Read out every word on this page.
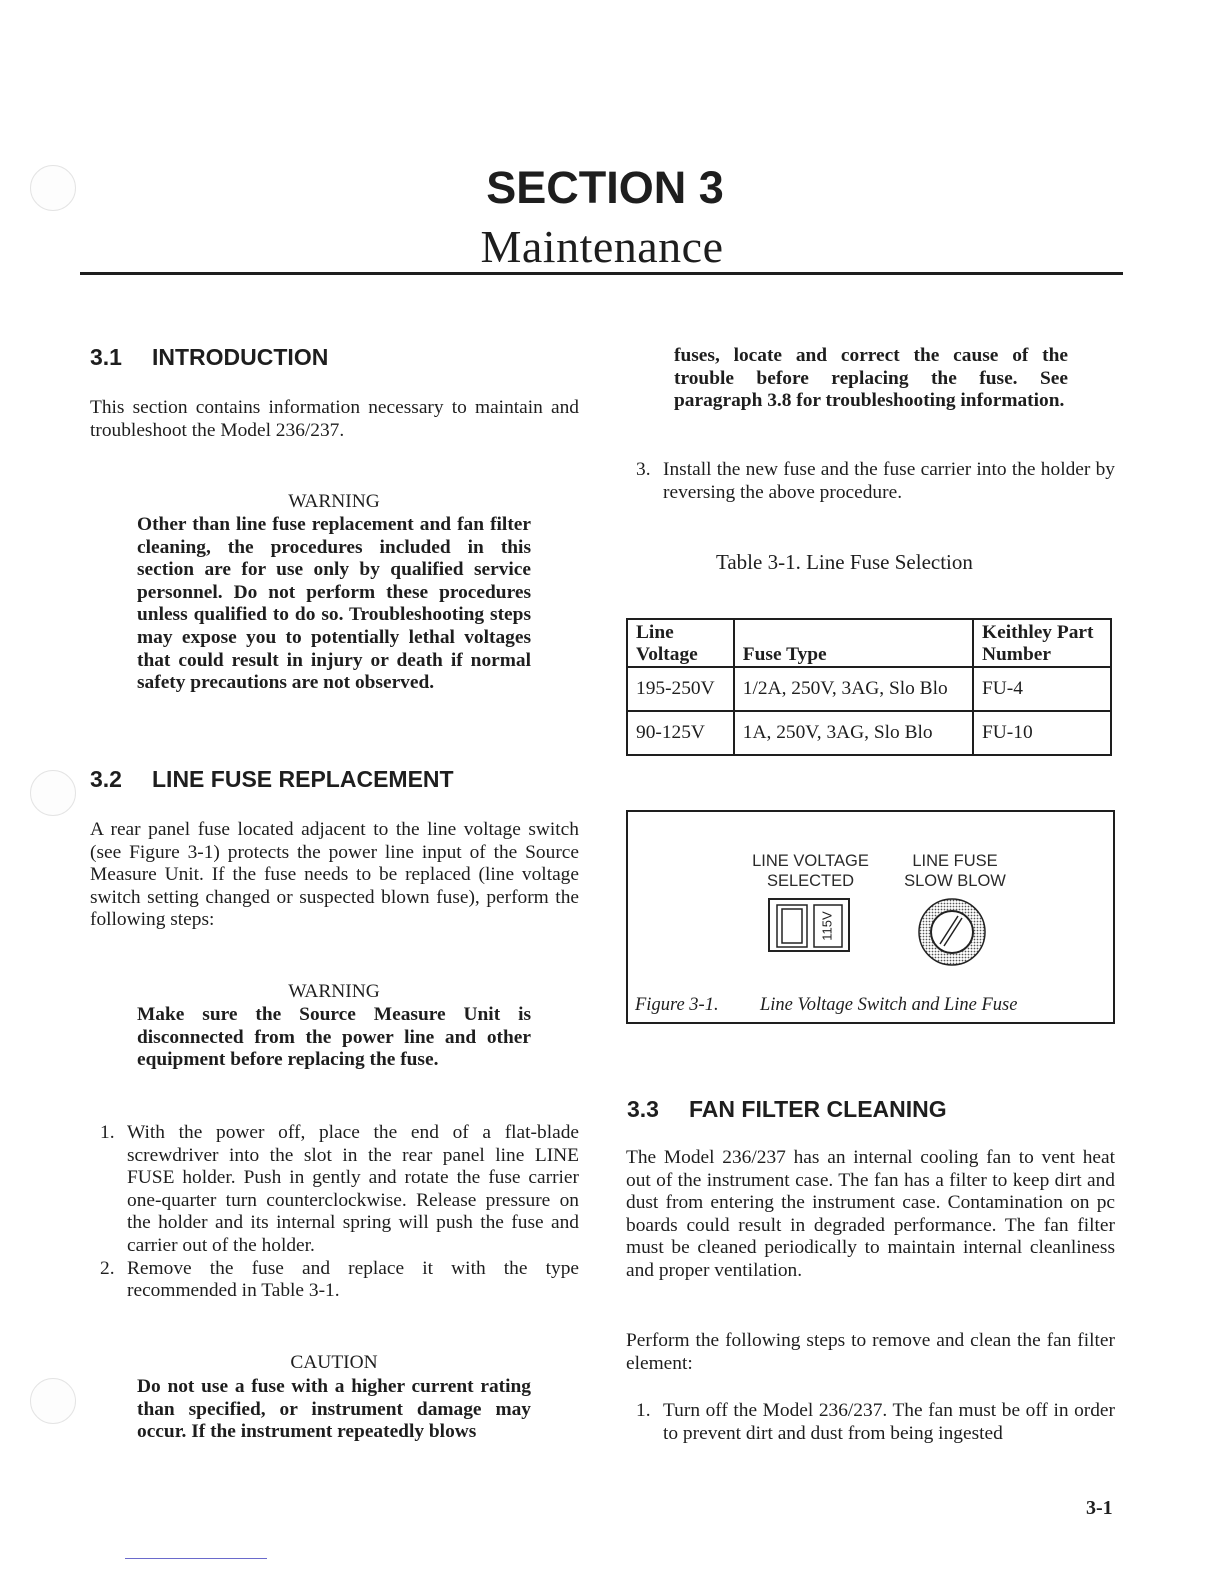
SECTION 3
Maintenance
3.1 INTRODUCTION
This section contains information necessary to maintain and troubleshoot the Model 236/237.
WARNING
Other than line fuse replacement and fan filter cleaning, the procedures included in this section are for use only by qualified service personnel. Do not perform these procedures unless qualified to do so. Troubleshooting steps may expose you to potentially lethal voltages that could result in injury or death if normal safety precautions are not observed.
3.2 LINE FUSE REPLACEMENT
A rear panel fuse located adjacent to the line voltage switch (see Figure 3-1) protects the power line input of the Source Measure Unit. If the fuse needs to be replaced (line voltage switch setting changed or suspected blown fuse), perform the following steps:
WARNING
Make sure the Source Measure Unit is disconnected from the power line and other equipment before replacing the fuse.
1. With the power off, place the end of a flat-blade screwdriver into the slot in the rear panel line LINE FUSE holder. Push in gently and rotate the fuse carrier one-quarter turn counterclockwise. Release pressure on the holder and its internal spring will push the fuse and carrier out of the holder.
2. Remove the fuse and replace it with the type recommended in Table 3-1.
CAUTION
Do not use a fuse with a higher current rating than specified, or instrument damage may occur. If the instrument repeatedly blows
fuses, locate and correct the cause of the trouble before replacing the fuse. See paragraph 3.8 for troubleshooting information.
3. Install the new fuse and the fuse carrier into the holder by reversing the above procedure.
Table 3-1. Line Fuse Selection
Line Voltage	Fuse Type	Keithley Part Number

195-250V	1/2A, 250V, 3AG, Slo Blo	FU-4
90-125V	1A, 250V, 3AG, Slo Blo	FU-10
LINE VOLTAGE
SELECTED
LINE FUSE
SLOW BLOW
115V
Figure 3-1. Line Voltage Switch and Line Fuse
3.3 FAN FILTER CLEANING
The Model 236/237 has an internal cooling fan to vent heat out of the instrument case. The fan has a filter to keep dirt and dust from entering the instrument case. Contamination on pc boards could result in degraded performance. The fan filter must be cleaned periodically to maintain internal cleanliness and proper ventilation.
Perform the following steps to remove and clean the fan filter element:
1. Turn off the Model 236/237. The fan must be off in order to prevent dirt and dust from being ingested
3-1
